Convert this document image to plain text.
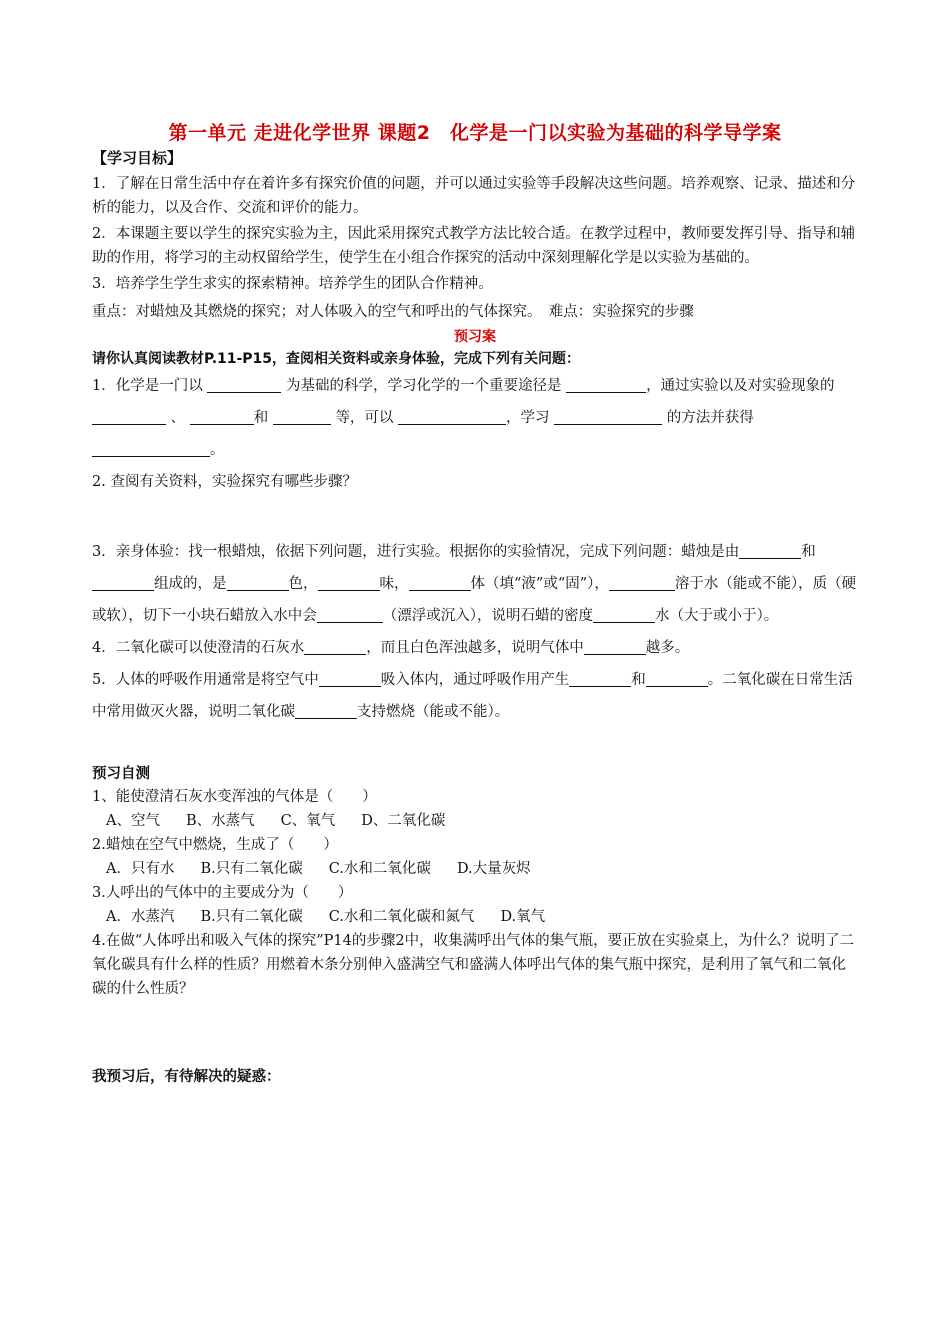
第一单元 走进化学世界 课题2　化学是一门以实验为基础的科学导学案
【学习目标】
1．了解在日常生活中存在着许多有探究价值的问题，并可以通过实验等手段解决这些问题。培养观察、记录、描述和分析的能力，以及合作、交流和评价的能力。
2．本课题主要以学生的探究实验为主，因此采用探究式教学方法比较合适。在教学过程中，教师要发挥引导、指导和辅助的作用，将学习的主动权留给学生，使学生在小组合作探究的活动中深刻理解化学是以实验为基础的。
3．培养学生学生求实的探索精神。培养学生的团队合作精神。
重点：对蜡烛及其燃烧的探究；对人体吸入的空气和呼出的气体探究。　难点：实验探究的步骤
预习案
请你认真阅读教材P.11-P15，查阅相关资料或亲身体验，完成下列有关问题：
1．化学是一门以	为基础的科学，学习化学的一个重要途径是	，通过实验以及对实验现象的  、	和	等，可以	，学习	的方法并获得 。
2. 查阅有关资料，实验探究有哪些步骤？
3．亲身体验：找一根蜡烛，依据下列问题，进行实验。根据你的实验情况，完成下列问题：蜡烛是由	和组成的，是	色，	味，	体（填“液”或“固”），	溶于水（能或不能），质（硬或软），切下一小块石蜡放入水中会	（漂浮或沉入），说明石蜡的密度	水（大于或小于）。
4．二氧化碳可以使澄清的石灰水	，而且白色浑浊越多，说明气体中	越多。
5．人体的呼吸作用通常是将空气中	吸入体内，通过呼吸作用产生	和	。二氧化碳在日常生活中常用做灭火器，说明二氧化碳	支持燃烧（能或不能）。
预习自测
1、能使澄清石灰水变浑浊的气体是（　　）
A、空气 B、水蒸气 C、氧气 D、二氧化碳
2.蜡烛在空气中燃烧，生成了（　　）
A．只有水 B.只有二氧化碳 C.水和二氧化碳 D.大量灰烬
3.人呼出的气体中的主要成分为（　　）
A．水蒸汽 B.只有二氧化碳 C.水和二氧化碳和氮气 D.氧气
4.在做“人体呼出和吸入气体的探究”P14的步骤2中，收集满呼出气体的集气瓶，要正放在实验桌上，为什么？说明了二氧化碳具有什么样的性质？用燃着木条分别伸入盛满空气和盛满人体呼出气体的集气瓶中探究，是利用了氧气和二氧化碳的什么性质？
我预习后，有待解决的疑惑：
